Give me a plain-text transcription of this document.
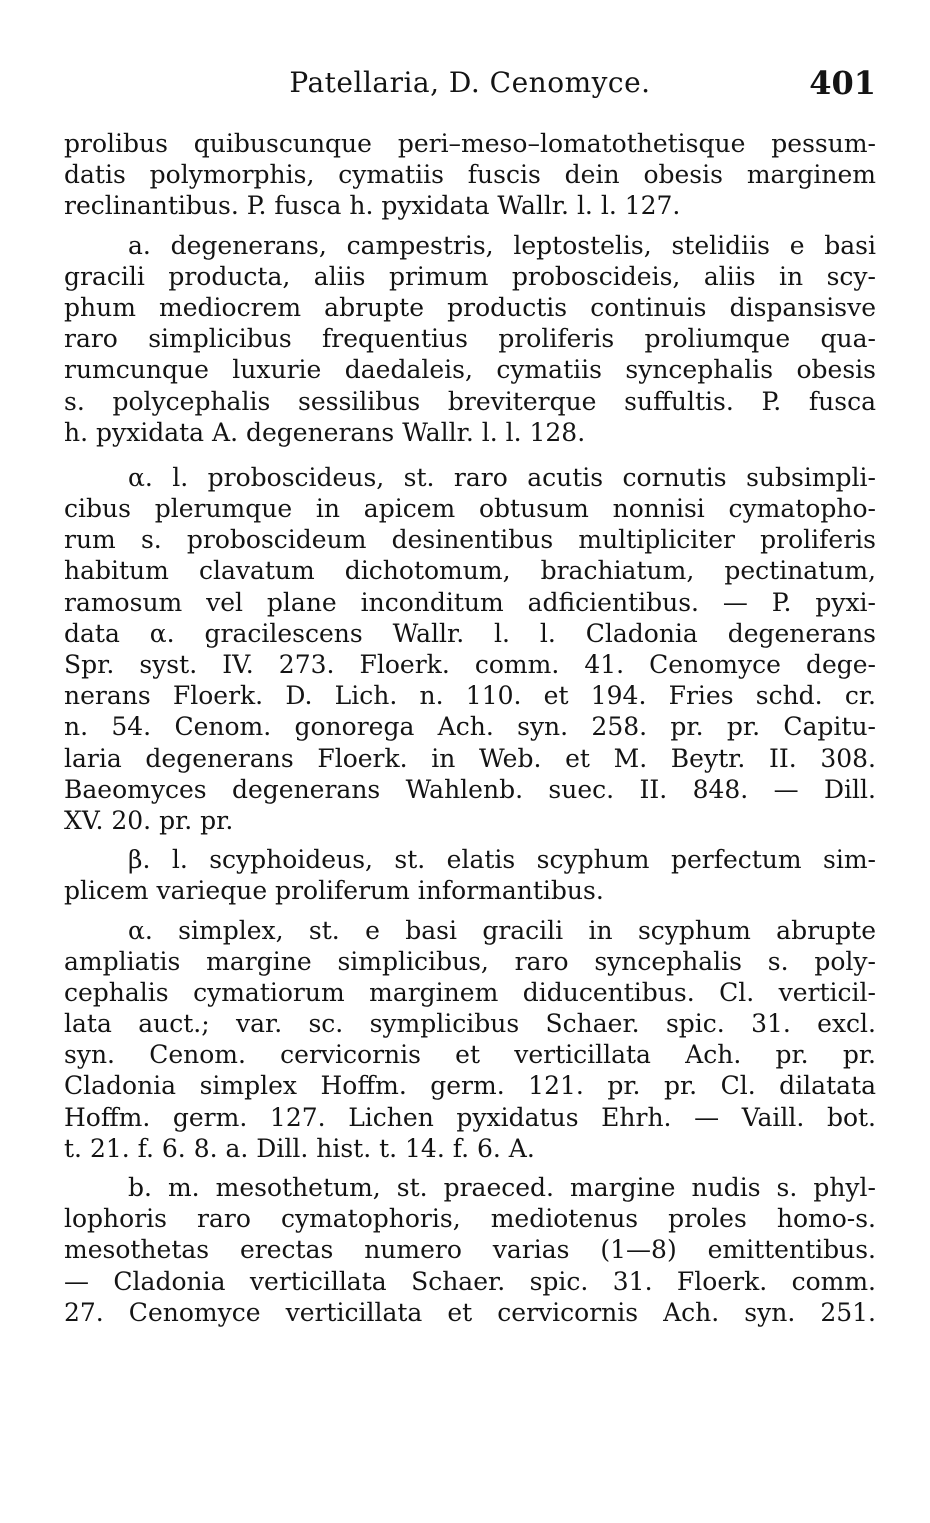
Patellaria, D. Cenomyce.	401
prolibus quibuscunque peri–meso–lomatothetisque pessum-
datis polymorphis, cymatiis fuscis dein obesis marginem
reclinantibus. P. fusca h. pyxidata Wallr. l. l. 127.
a. degenerans, campestris, leptostelis, stelidiis e basi
gracili producta, aliis primum proboscideis, aliis in scy-
phum mediocrem abrupte productis continuis dispansisve
raro simplicibus frequentius proliferis proliumque qua-
rumcunque luxurie daedaleis, cymatiis syncephalis obesis
s. polycephalis sessilibus breviterque suffultis. P. fusca
h. pyxidata A. degenerans Wallr. l. l. 128.
α. l. proboscideus, st. raro acutis cornutis subsimpli-
cibus plerumque in apicem obtusum nonnisi cymatopho-
rum s. proboscideum desinentibus multipliciter proliferis
habitum clavatum dichotomum, brachiatum, pectinatum,
ramosum vel plane inconditum adficientibus. — P. pyxi-
data α. gracilescens Wallr. l. l. Cladonia degenerans
Spr. syst. IV. 273. Floerk. comm. 41. Cenomyce dege-
nerans Floerk. D. Lich. n. 110. et 194. Fries schd. cr.
n. 54. Cenom. gonorega Ach. syn. 258. pr. pr. Capitu-
laria degenerans Floerk. in Web. et M. Beytr. II. 308.
Baeomyces degenerans Wahlenb. suec. II. 848. — Dill.
XV. 20. pr. pr.
β. l. scyphoideus, st. elatis scyphum perfectum sim-
plicem varieque proliferum informantibus.
α. simplex, st. e basi gracili in scyphum abrupte
ampliatis margine simplicibus, raro syncephalis s. poly-
cephalis cymatiorum marginem diducentibus. Cl. verticil-
lata auct.; var. sc. symplicibus Schaer. spic. 31. excl.
syn. Cenom. cervicornis et verticillata Ach. pr. pr.
Cladonia simplex Hoffm. germ. 121. pr. pr. Cl. dilatata
Hoffm. germ. 127. Lichen pyxidatus Ehrh. — Vaill. bot.
t. 21. f. 6. 8. a. Dill. hist. t. 14. f. 6. A.
b. m. mesothetum, st. praeced. margine nudis s. phyl-
lophoris raro cymatophoris, mediotenus proles homo-s.
mesothetas erectas numero varias (1—8) emittentibus.
— Cladonia verticillata Schaer. spic. 31. Floerk. comm.
27. Cenomyce verticillata et cervicornis Ach. syn. 251.
